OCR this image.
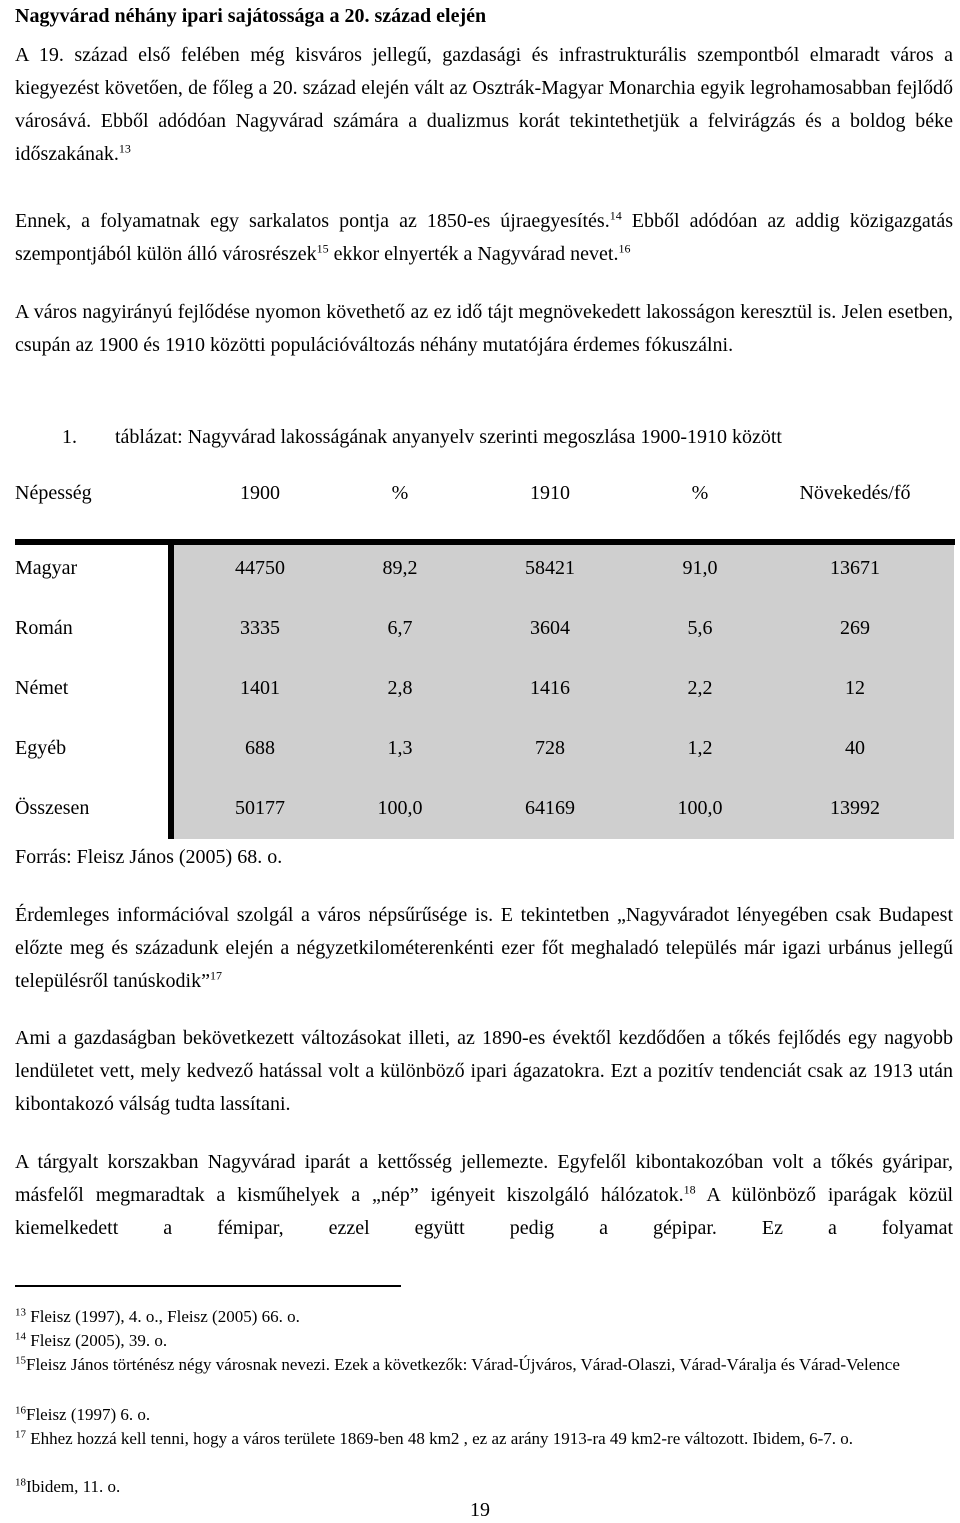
Nagyvárad néhány ipari sajátossága a 20. század elején

A 19. század első felében még kisváros jellegű, gazdasági és infrastrukturális szempontból elmaradt város a kiegyezést követően, de főleg a 20. század elején vált az Osztrák-Magyar Monarchia egyik legrohamosabban fejlődő városává. Ebből adódóan Nagyvárad számára a dualizmus korát tekintethetjük a felvirágzás és a boldog béke időszakának.$^{13}$

Ennek, a folyamatnak egy sarkalatos pontja az 1850-es újraegyesítés.$^{14}$ Ebből adódóan az addig közigazgatás szempontjából külön álló városrészek$^{15}$ ekkor elnyerték a Nagyvárad nevet.$^{16}$

A város nagyirányú fejlődése nyomon követhető az ez idő tájt megnövekedett lakosságon keresztül is. Jelen esetben, csupán az 1900 és 1910 közötti populációváltozás néhány mutatójára érdemes fókuszálni.

1. táblázat: Nagyvárad lakosságának anyanyelv szerinti megoszlása 1900-1910 között
Népesség	1900	%	1910	%	Növekedés/fő
Magyar	44750	89,2	58421	91,0	13671
Román	3335	6,7	3604	5,6	269
Német	1401	2,8	1416	2,2	12
Egyéb	688	1,3	728	1,2	40
Összesen	50177	100,0	64169	100,0	13992
Forrás: Fleisz János (2005) 68. o.

Érdemleges információval szolgál a város népsűrűsége is. E tekintetben „Nagyváradot lényegében csak Budapest előzte meg és századunk elején a négyzetkilométerenkénti ezer főt meghaladó település már igazi urbánus jellegű településről tanúskodik”$^{17}$

Ami a gazdaságban bekövetkezett változásokat illeti, az 1890-es évektől kezdődően a tőkés fejlődés egy nagyobb lendületet vett, mely kedvező hatással volt a különböző ipari ágazatokra. Ezt a pozitív tendenciát csak az 1913 után kibontakozó válság tudta lassítani.

A tárgyalt korszakban Nagyvárad iparát a kettősség jellemezte. Egyfelől kibontakozóban volt a tőkés gyáripar, másfelől megmaradtak a kisműhelyek a „nép” igényeit kiszolgáló hálózatok.$^{18}$ A különböző iparágak közül kiemelkedett a fémipar, ezzel együtt pedig a gépipar. Ez a folyamat

$^{13}$ Fleisz (1997), 4. o., Fleisz (2005) 66. o.
$^{14}$ Fleisz (2005), 39. o.
$^{15}$Fleisz János történész négy városnak nevezi. Ezek a következők: Várad-Újváros, Várad-Olaszi, Várad-Váralja és Várad-Velence
$^{16}$Fleisz (1997) 6. o.
$^{17}$ Ehhez hozzá kell tenni, hogy a város területe 1869-ben 48 km2 , ez az arány 1913-ra 49 km2-re változott. Ibidem, 6-7. o.
$^{18}$Ibidem, 11. o.
19
